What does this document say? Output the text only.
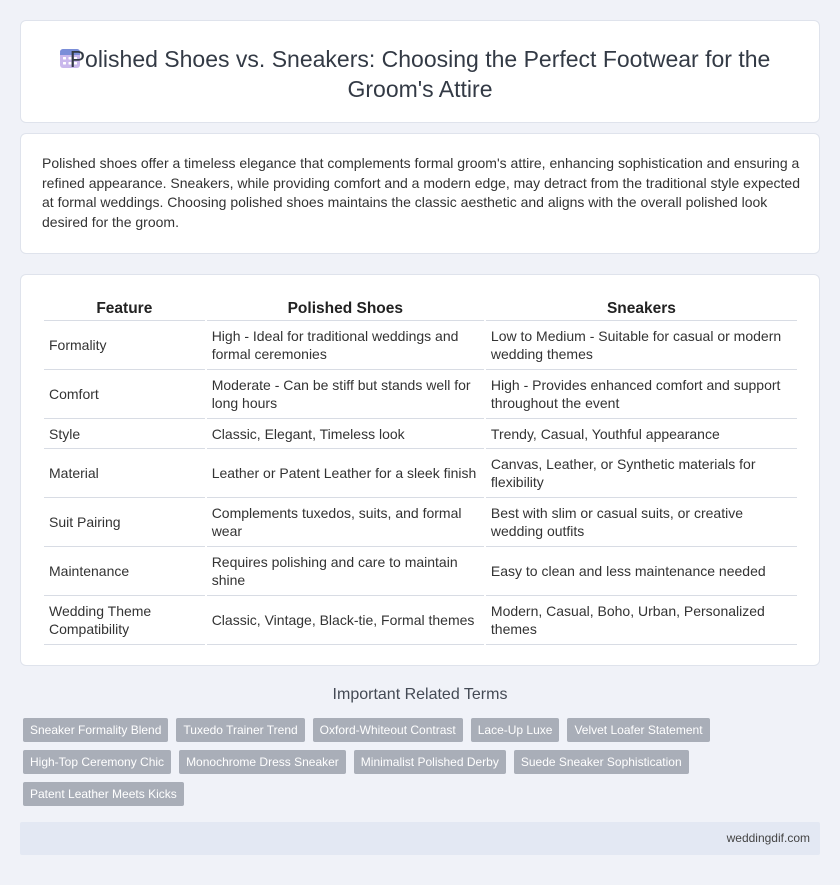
Polished Shoes vs. Sneakers: Choosing the Perfect Footwear for the Groom's Attire

Polished shoes offer a timeless elegance that complements formal groom's attire, enhancing sophistication and ensuring a refined appearance. Sneakers, while providing comfort and a modern edge, may detract from the traditional style expected at formal weddings. Choosing polished shoes maintains the classic aesthetic and aligns with the overall polished look desired for the groom.

Feature	Polished Shoes	Sneakers
Formality	High - Ideal for traditional weddings and formal ceremonies	Low to Medium - Suitable for casual or modern wedding themes
Comfort	Moderate - Can be stiff but stands well for long hours	High - Provides enhanced comfort and support throughout the event
Style	Classic, Elegant, Timeless look	Trendy, Casual, Youthful appearance
Material	Leather or Patent Leather for a sleek finish	Canvas, Leather, or Synthetic materials for flexibility
Suit Pairing	Complements tuxedos, suits, and formal wear	Best with slim or casual suits, or creative wedding outfits
Maintenance	Requires polishing and care to maintain shine	Easy to clean and less maintenance needed
Wedding Theme Compatibility	Classic, Vintage, Black-tie, Formal themes	Modern, Casual, Boho, Urban, Personalized themes
Important Related Terms
Sneaker Formality Blend	Tuxedo Trainer Trend	Oxford-Whiteout Contrast	Lace-Up Luxe	Velvet Loafer Statement
High-Top Ceremony Chic	Monochrome Dress Sneaker	Minimalist Polished Derby	Suede Sneaker Sophistication
Patent Leather Meets Kicks
weddingdif.com
